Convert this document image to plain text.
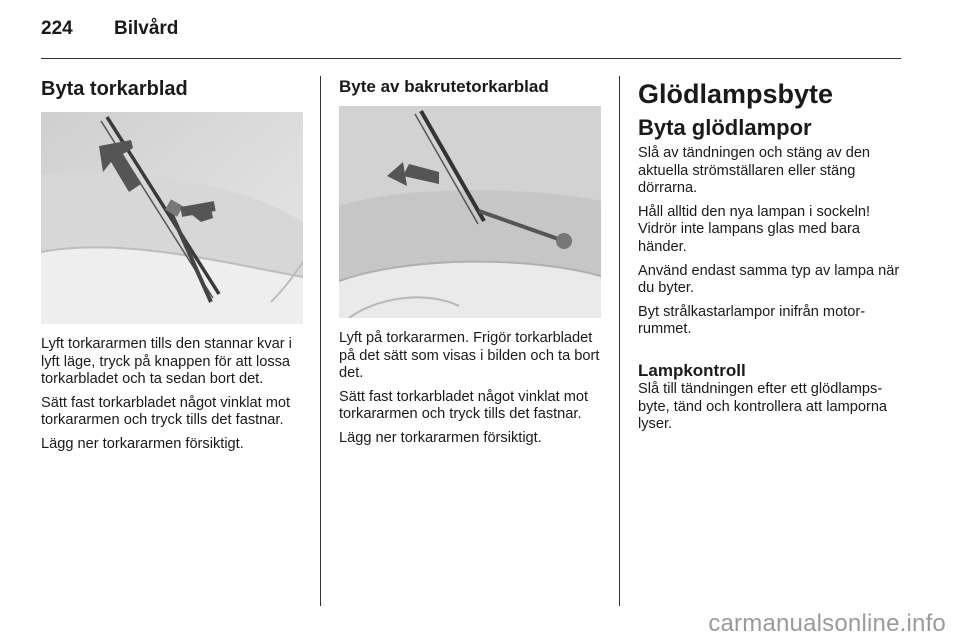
224 Bilvård
Byta torkarblad

Lyft torkararmen tills den stannar kvar i lyft läge, tryck på knappen för att lossa torkarbladet och ta sedan bort det.

Sätt fast torkarbladet något vinklat mot torkararmen och tryck tills det fastnar.

Lägg ner torkararmen försiktigt.

Byte av bakrutetorkarblad

Lyft på torkararmen. Frigör torkarbladet på det sätt som visas i bilden och ta bort det.

Sätt fast torkarbladet något vinklat mot torkararmen och tryck tills det fastnar.

Lägg ner torkararmen försiktigt.

Glödlampsbyte
Byta glödlampor

Slå av tändningen och stäng av den aktuella strömställaren eller stäng dörrarna.

Håll alltid den nya lampan i sockeln! Vidrör inte lampans glas med bara händer.

Använd endast samma typ av lampa när du byter.

Byt strålkastarlampor inifrån motorrummet.

Lampkontroll

Slå till tändningen efter ett glödlampsbyte, tänd och kontrollera att lamporna lyser.

carmanualsonline.info
